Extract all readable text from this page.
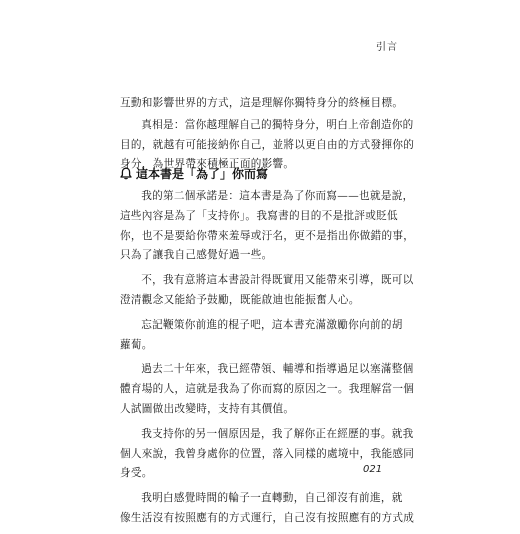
引言

互動和影響世界的方式，這是理解你獨特身分的終極目標。

真相是：當你越理解自己的獨特身分，明白上帝創造你的
目的，就越有可能接納你自己，並將以更自由的方式發揮你的
身分，為世界帶來積極正面的影響。

這本書是「為了」你而寫

我的第二個承諾是：這本書是為了你而寫——也就是說，
這些內容是為了「支持你」。我寫書的目的不是批評或貶低
你，也不是要給你帶來羞辱或汙名，更不是指出你做錯的事，
只為了讓我自己感覺好過一些。

不，我有意將這本書設計得既實用又能帶來引導，既可以
澄清觀念又能給予鼓勵，既能啟迪也能振奮人心。

忘記鞭策你前進的棍子吧，這本書充滿激勵你向前的胡
蘿蔔。

過去二十年來，我已經帶領、輔導和指導過足以塞滿整個
體育場的人，這就是我為了你而寫的原因之一。我理解當一個
人試圖做出改變時，支持有其價值。

我支持你的另一個原因是，我了解你正在經歷的事。就我
個人來說，我曾身處你的位置，落入同樣的處境中，我能感同
身受。

我明白感覺時間的輪子一直轉動，自己卻沒有前進，就
像生活沒有按照應有的方式運行，自己沒有按照應有的方式成

021
